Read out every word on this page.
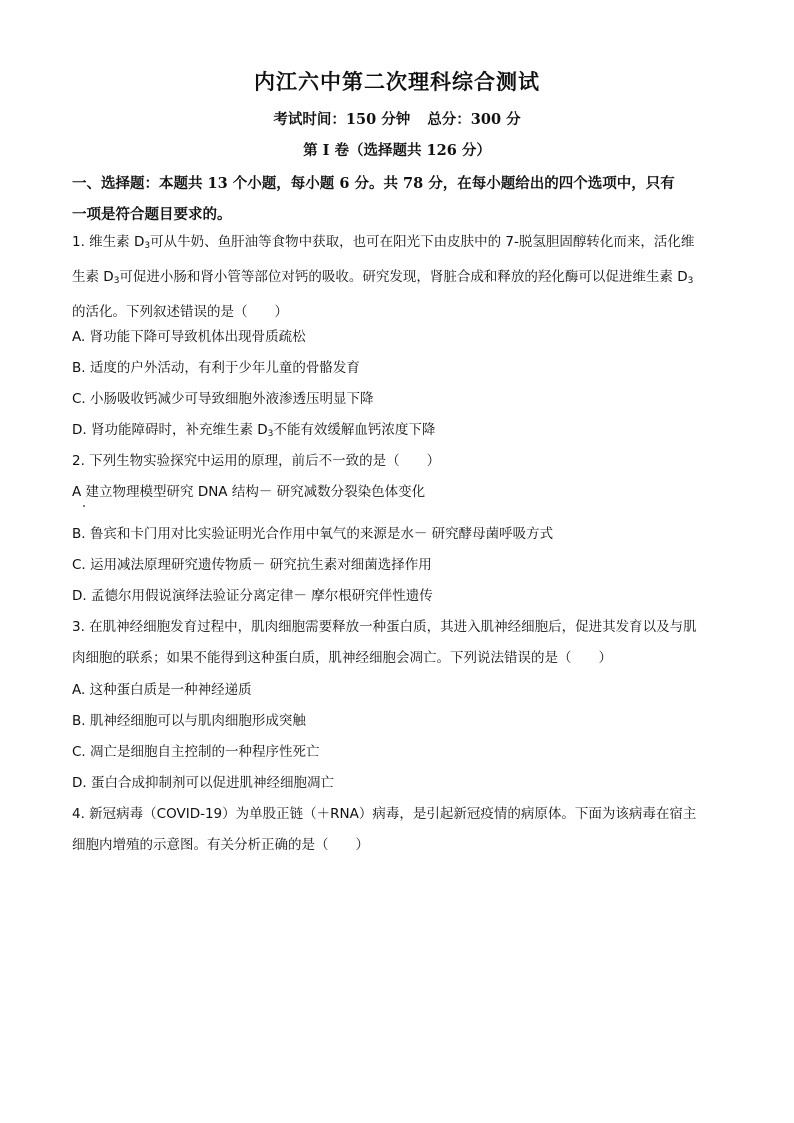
内江六中第二次理科综合测试
考试时间：150 分钟 总分：300 分
第 I 卷（选择题共 126 分）
一、选择题：本题共 13 个小题，每小题 6 分。共 78 分，在每小题给出的四个选项中，只有
一项是符合题目要求的。
1. 维生素 $D_3$可从牛奶、鱼肝油等食物中获取，也可在阳光下由皮肤中的 7-脱氢胆固醇转化而来，活化维
生素 $D_3$可促进小肠和肾小管等部位对钙的吸收。研究发现，肾脏合成和释放的羟化酶可以促进维生素 $D_3$
的活化。下列叙述错误的是（　　）
A. 肾功能下降可导致机体出现骨质疏松
B. 适度的户外活动，有利于少年儿童的骨骼发育
C. 小肠吸收钙减少可导致细胞外液渗透压明显下降
D. 肾功能障碍时，补充维生素 $D_3$不能有效缓解血钙浓度下降
2. 下列生物实验探究中运用的原理，前后不一致的是（　　）
A 建立物理模型研究 DNA 结构－ 研究减数分裂染色体变化
B. 鲁宾和卡门用对比实验证明光合作用中氧气的来源是水－ 研究酵母菌呼吸方式
C. 运用减法原理研究遗传物质－ 研究抗生素对细菌选择作用
D. 孟德尔用假说演绎法验证分离定律－ 摩尔根研究伴性遗传
3. 在肌神经细胞发育过程中，肌肉细胞需要释放一种蛋白质，其进入肌神经细胞后，促进其发育以及与肌
肉细胞的联系；如果不能得到这种蛋白质，肌神经细胞会凋亡。下列说法错误的是（　　）
A. 这种蛋白质是一种神经递质
B. 肌神经细胞可以与肌肉细胞形成突触
C. 凋亡是细胞自主控制的一种程序性死亡
D. 蛋白合成抑制剂可以促进肌神经细胞凋亡
4. 新冠病毒（COVID-19）为单股正链（＋RNA）病毒，是引起新冠疫情的病原体。下面为该病毒在宿主
细胞内增殖的示意图。有关分析正确的是（　　）
